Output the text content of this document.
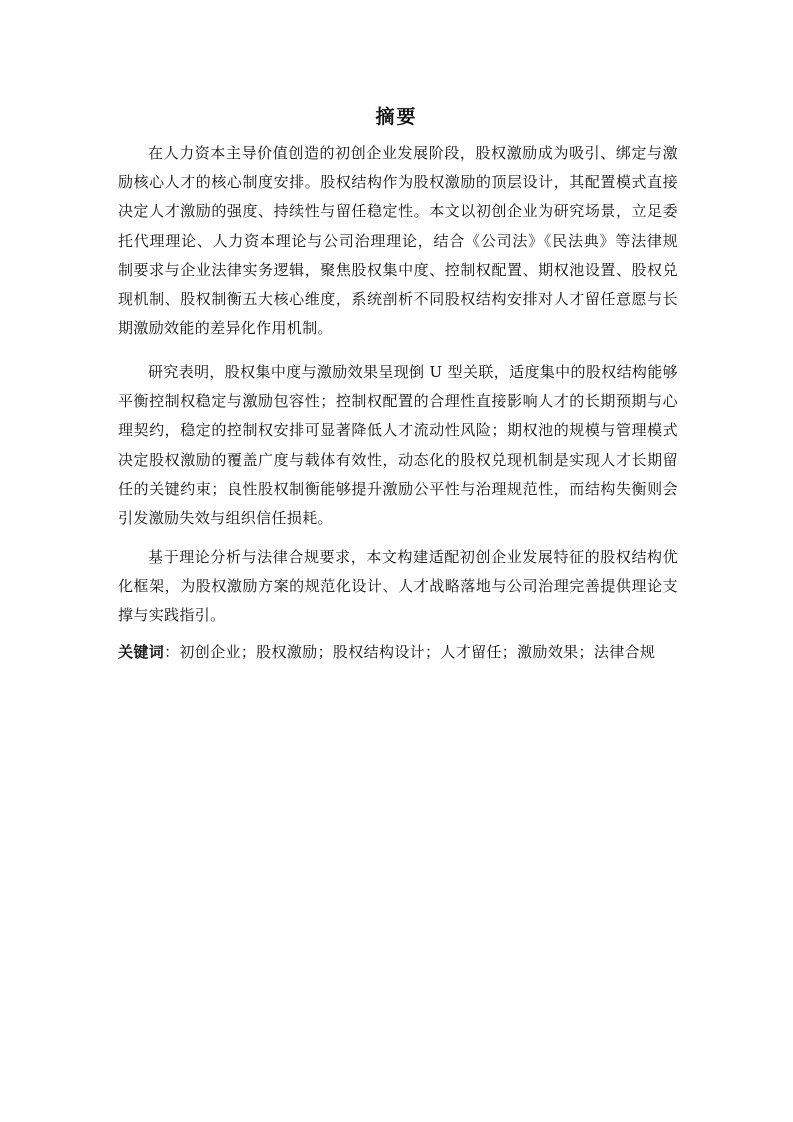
摘要

在人力资本主导价值创造的初创企业发展阶段，股权激励成为吸引、绑定与激励核心人才的核心制度安排。股权结构作为股权激励的顶层设计，其配置模式直接决定人才激励的强度、持续性与留任稳定性。本文以初创企业为研究场景，立足委托代理理论、人力资本理论与公司治理理论，结合《公司法》《民法典》等法律规制要求与企业法律实务逻辑，聚焦股权集中度、控制权配置、期权池设置、股权兑现机制、股权制衡五大核心维度，系统剖析不同股权结构安排对人才留任意愿与长期激励效能的差异化作用机制。

研究表明，股权集中度与激励效果呈现倒 U 型关联，适度集中的股权结构能够平衡控制权稳定与激励包容性；控制权配置的合理性直接影响人才的长期预期与心理契约，稳定的控制权安排可显著降低人才流动性风险；期权池的规模与管理模式决定股权激励的覆盖广度与载体有效性，动态化的股权兑现机制是实现人才长期留任的关键约束；良性股权制衡能够提升激励公平性与治理规范性，而结构失衡则会引发激励失效与组织信任损耗。

基于理论分析与法律合规要求，本文构建适配初创企业发展特征的股权结构优化框架，为股权激励方案的规范化设计、人才战略落地与公司治理完善提供理论支撑与实践指引。

关键词：初创企业；股权激励；股权结构设计；人才留任；激励效果；法律合规
